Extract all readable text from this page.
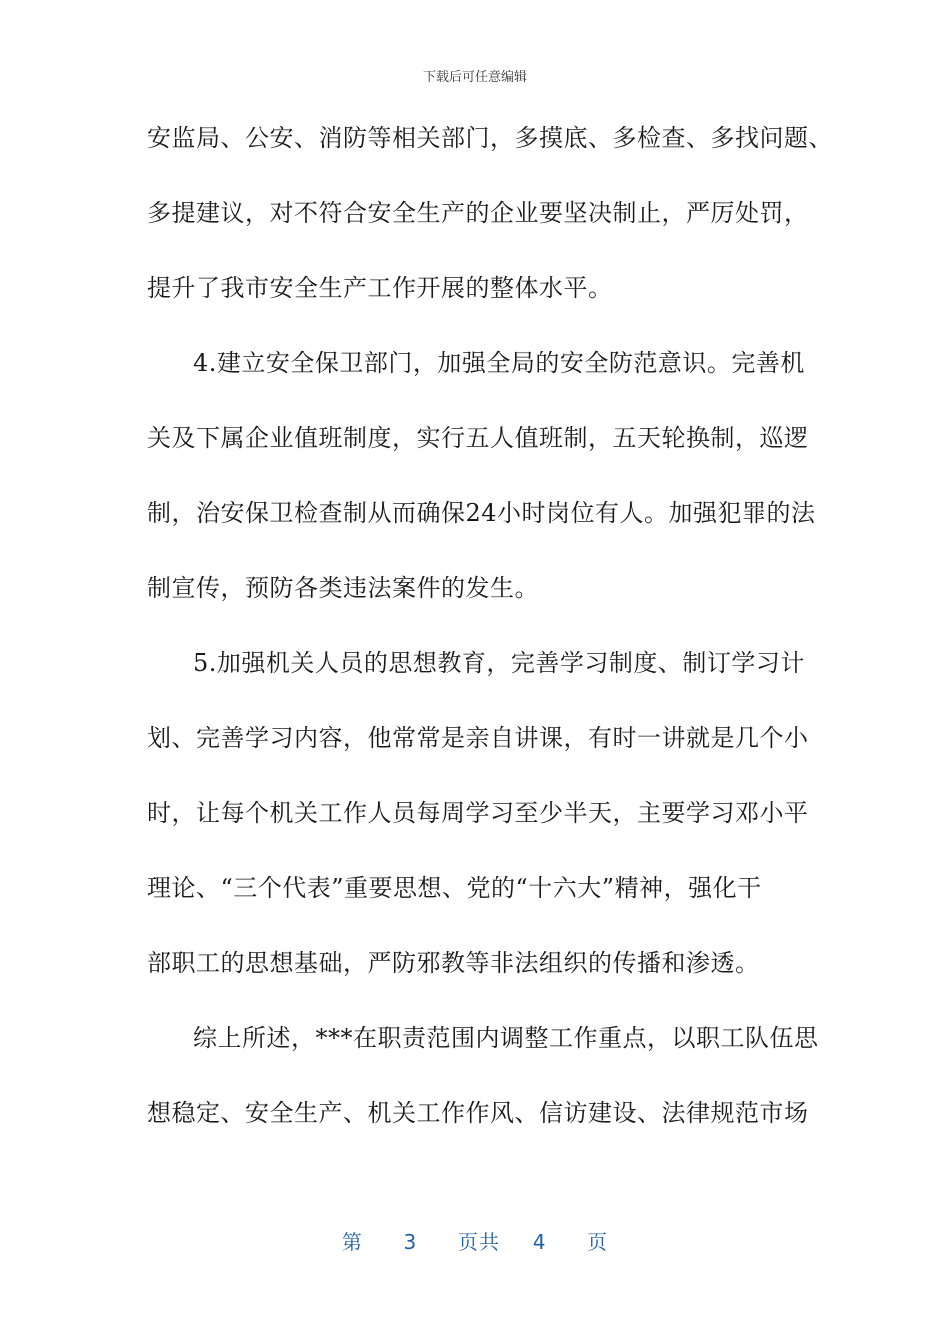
下载后可任意编辑
安监局、公安、消防等相关部门，多摸底、多检查、多找问题、
多提建议，对不符合安全生产的企业要坚决制止，严厉处罚，
提升了我市安全生产工作开展的整体水平。
4.建立安全保卫部门，加强全局的安全防范意识。完善机
关及下属企业值班制度，实行五人值班制，五天轮换制，巡逻
制，治安保卫检查制从而确保24小时岗位有人。加强犯罪的法
制宣传，预防各类违法案件的发生。
5.加强机关人员的思想教育，完善学习制度、制订学习计
划、完善学习内容，他常常是亲自讲课，有时一讲就是几个小
时，让每个机关工作人员每周学习至少半天，主要学习邓小平
理论、“三个代表”重要思想、党的“十六大”精神，强化干
部职工的思想基础，严防邪教等非法组织的传播和渗透。
综上所述，***在职责范围内调整工作重点，以职工队伍思
想稳定、安全生产、机关工作作风、信访建设、法律规范市场
第 3 页共 4 页
